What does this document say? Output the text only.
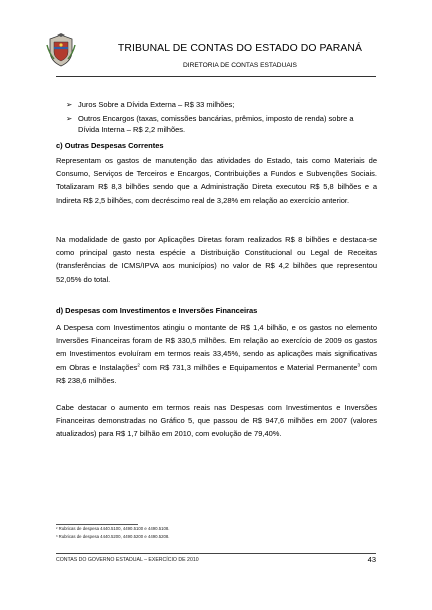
TRIBUNAL DE CONTAS DO ESTADO DO PARANÁ
DIRETORIA DE CONTAS ESTADUAIS
➢ Juros Sobre a Dívida Externa – R$ 33 milhões;
➢ Outros Encargos (taxas, comissões bancárias, prêmios, imposto de renda) sobre a Dívida Interna – R$ 2,2 milhões.
c) Outras Despesas Correntes
Representam os gastos de manutenção das atividades do Estado, tais como Materiais de Consumo, Serviços de Terceiros e Encargos, Contribuições a Fundos e Subvenções Sociais. Totalizaram R$ 8,3 bilhões sendo que a Administração Direta executou R$ 5,8 bilhões e a Indireta R$ 2,5 bilhões, com decréscimo real de 3,28% em relação ao exercício anterior.
Na modalidade de gasto por Aplicações Diretas foram realizados R$ 8 bilhões e destaca-se como principal gasto nesta espécie a Distribuição Constitucional ou Legal de Receitas (transferências de ICMS/IPVA aos municípios) no valor de R$ 4,2 bilhões que representou 52,05% do total.
d) Despesas com Investimentos e Inversões Financeiras
A Despesa com Investimentos atingiu o montante de R$ 1,4 bilhão, e os gastos no elemento Inversões Financeiras foram de R$ 330,5 milhões. Em relação ao exercício de 2009 os gastos em Investimentos evoluíram em termos reais 33,45%, sendo as aplicações mais significativas em Obras e Instalações$^2$ com R$ 731,3 milhões e Equipamentos e Material Permanente$^3$ com R$ 238,6 milhões.
Cabe destacar o aumento em termos reais nas Despesas com Investimentos e Inversões Financeiras demonstradas no Gráfico 5, que passou de R$ 947,6 milhões em 2007 (valores atualizados) para R$ 1,7 bilhão em 2010, com evolução de 79,40%.
² Rubricas de despesa 4440.5100, 4490.5100 e 4490.5108.
³ Rubricas de despesa 4440.5200, 4490.5200 e 4490.5208.
CONTAS DO GOVERNO ESTADUAL – EXERCÍCIO DE 2010	43
